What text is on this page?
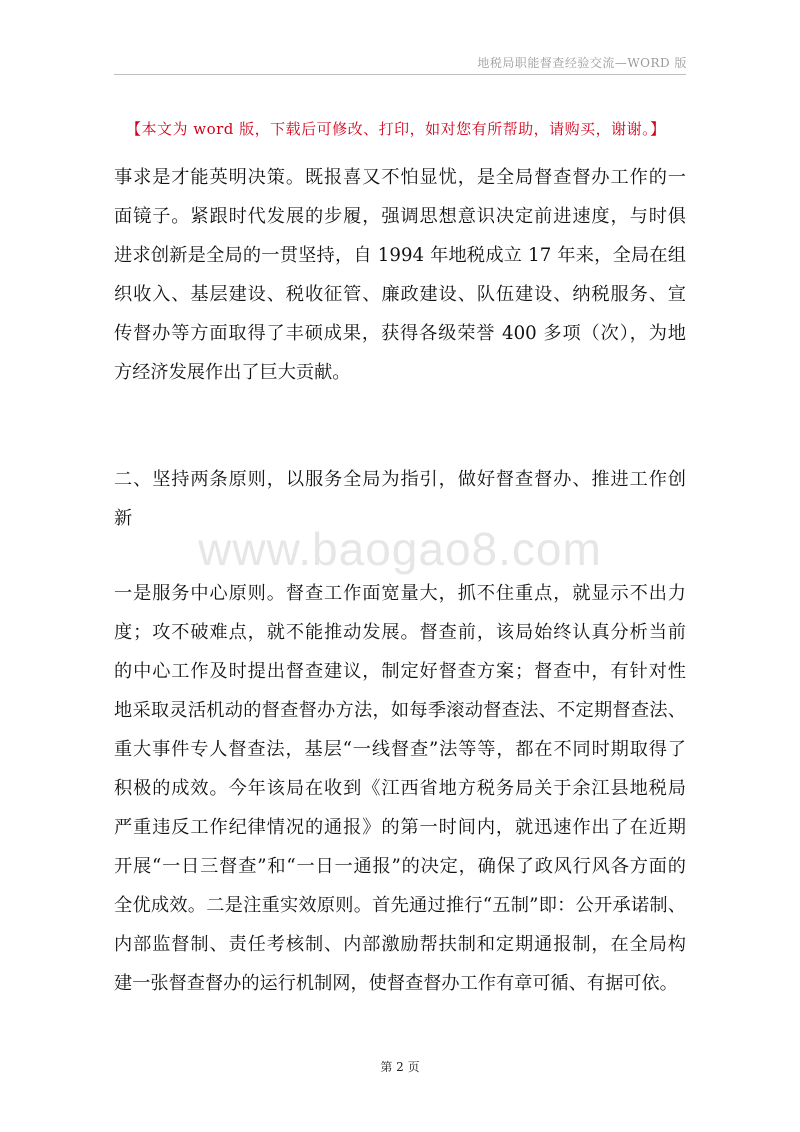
地税局职能督查经验交流—WORD 版
【本文为 word 版，下载后可修改、打印，如对您有所帮助，请购买，谢谢。】
事求是才能英明决策。既报喜又不怕显忧，是全局督查督办工作的一
面镜子。紧跟时代发展的步履，强调思想意识决定前进速度，与时俱
进求创新是全局的一贯坚持，自 1994 年地税成立 17 年来，全局在组
织收入、基层建设、税收征管、廉政建设、队伍建设、纳税服务、宣
传督办等方面取得了丰硕成果，获得各级荣誉 400 多项（次），为地
方经济发展作出了巨大贡献。
二、坚持两条原则，以服务全局为指引，做好督查督办、推进工作创
新
www.baogao8.com
一是服务中心原则。督查工作面宽量大，抓不住重点，就显示不出力
度；攻不破难点，就不能推动发展。督查前，该局始终认真分析当前
的中心工作及时提出督查建议，制定好督查方案；督查中，有针对性
地采取灵活机动的督查督办方法，如每季滚动督查法、不定期督查法、
重大事件专人督查法，基层“一线督查”法等等，都在不同时期取得了
积极的成效。今年该局在收到《江西省地方税务局关于余江县地税局
严重违反工作纪律情况的通报》的第一时间内，就迅速作出了在近期
开展“一日三督查”和“一日一通报”的决定，确保了政风行风各方面的
全优成效。二是注重实效原则。首先通过推行“五制”即：公开承诺制、
内部监督制、责任考核制、内部激励帮扶制和定期通报制，在全局构
建一张督查督办的运行机制网，使督查督办工作有章可循、有据可依。
第 2 页
